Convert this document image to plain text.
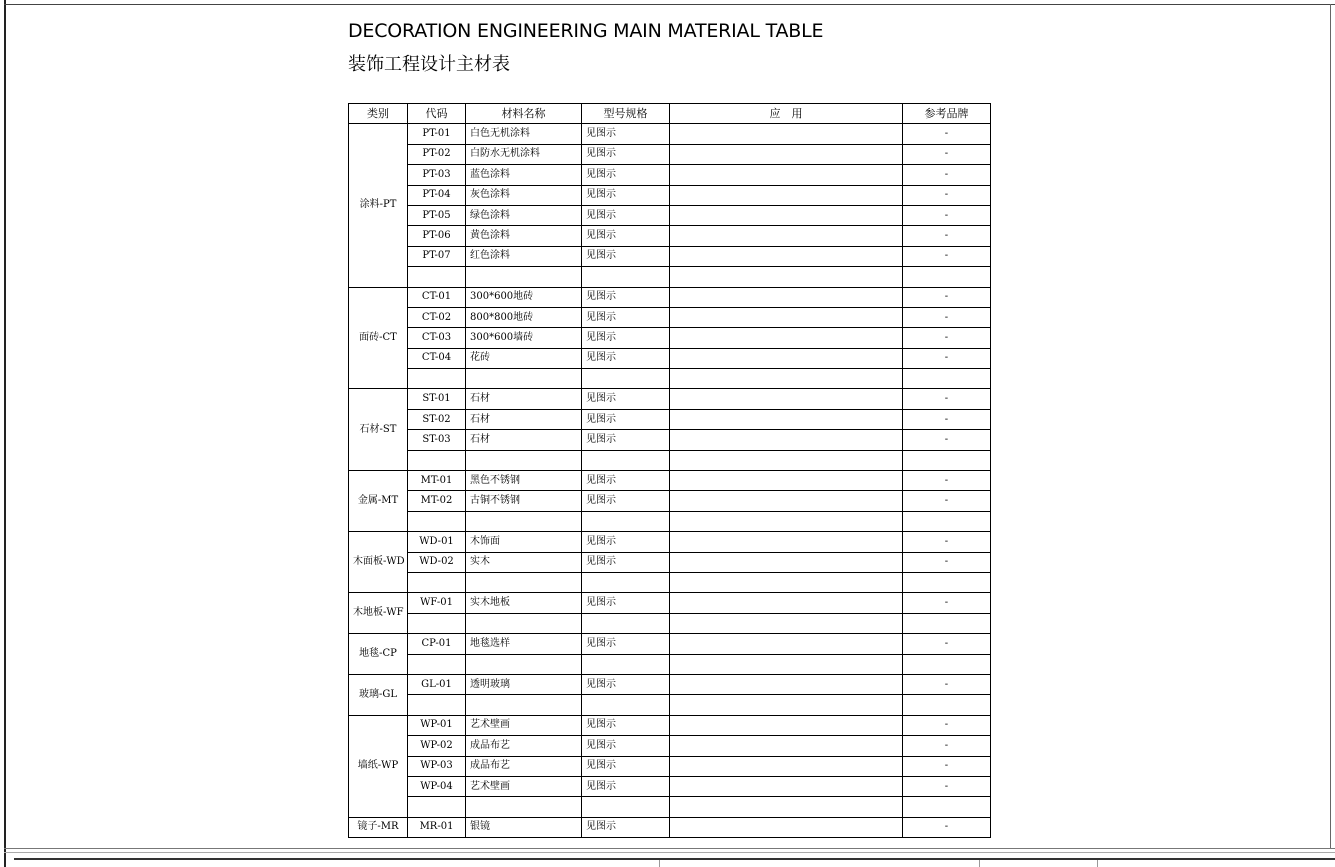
DECORATION ENGINEERING MAIN MATERIAL TABLE
装饰工程设计主材表
类别	代码	材料名称	型号规格	应　用	参考品牌
涂料-PT	PT-01	白色无机涂料	见图示		-
	PT-02	白防水无机涂料	见图示		-
	PT-03	蓝色涂料	见图示		-
	PT-04	灰色涂料	见图示		-
	PT-05	绿色涂料	见图示		-
	PT-06	黄色涂料	见图示		-
	PT-07	红色涂料	见图示		-

面砖-CT	CT-01	300*600地砖	见图示		-
	CT-02	800*800地砖	见图示		-
	CT-03	300*600墙砖	见图示		-
	CT-04	花砖	见图示		-

石材-ST	ST-01	石材	见图示		-
	ST-02	石材	见图示		-
	ST-03	石材	见图示		-

金属-MT	MT-01	黑色不锈钢	见图示		-
	MT-02	古铜不锈钢	见图示		-

木面板-WD	WD-01	木饰面	见图示		-
	WD-02	实木	见图示		-

木地板-WF	WF-01	实木地板	见图示		-

地毯-CP	CP-01	地毯选样	见图示		-

玻璃-GL	GL-01	透明玻璃	见图示		-

墙纸-WP	WP-01	艺术壁画	见图示		-
	WP-02	成品布艺	见图示		-
	WP-03	成品布艺	见图示		-
	WP-04	艺术壁画	见图示		-

镜子-MR	MR-01	银镜	见图示		-
